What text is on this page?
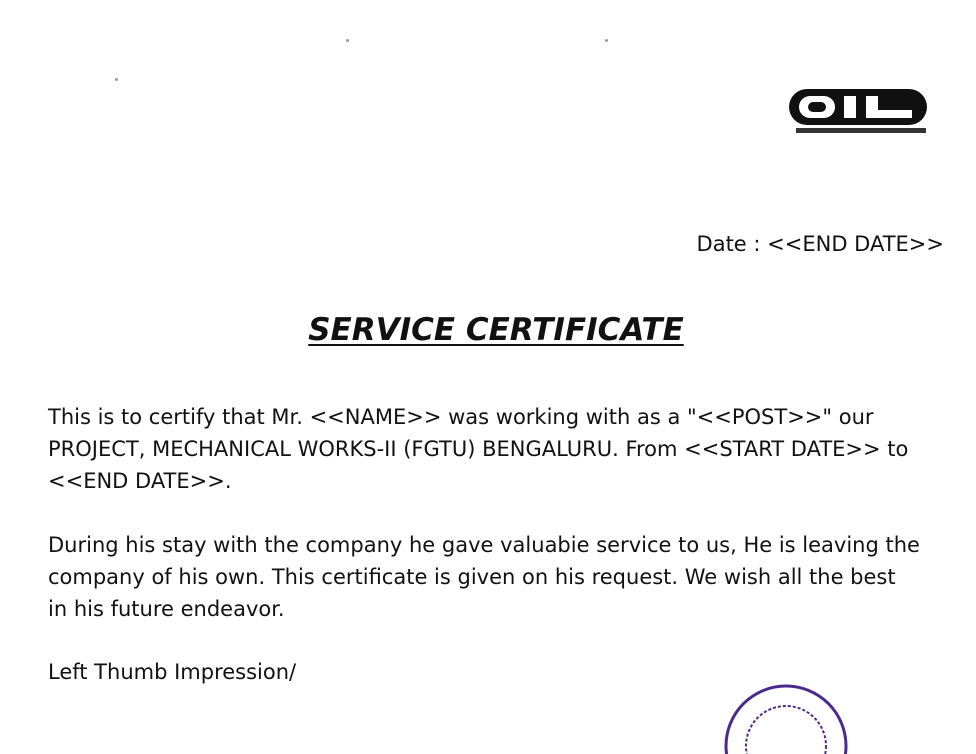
Date : <<END DATE>>
SERVICE CERTIFICATE

This is to certify that Mr. <<NAME>> was working with as a "<<POST>>" our

PROJECT, MECHANICAL WORKS-II (FGTU) BENGALURU. From <<START DATE>> to

<<END DATE>>.

During his stay with the company he gave valuabie service to us, He is leaving the

company of his own. This certificate is given on his request. We wish all the best

in his future endeavor.

Left Thumb Impression/
